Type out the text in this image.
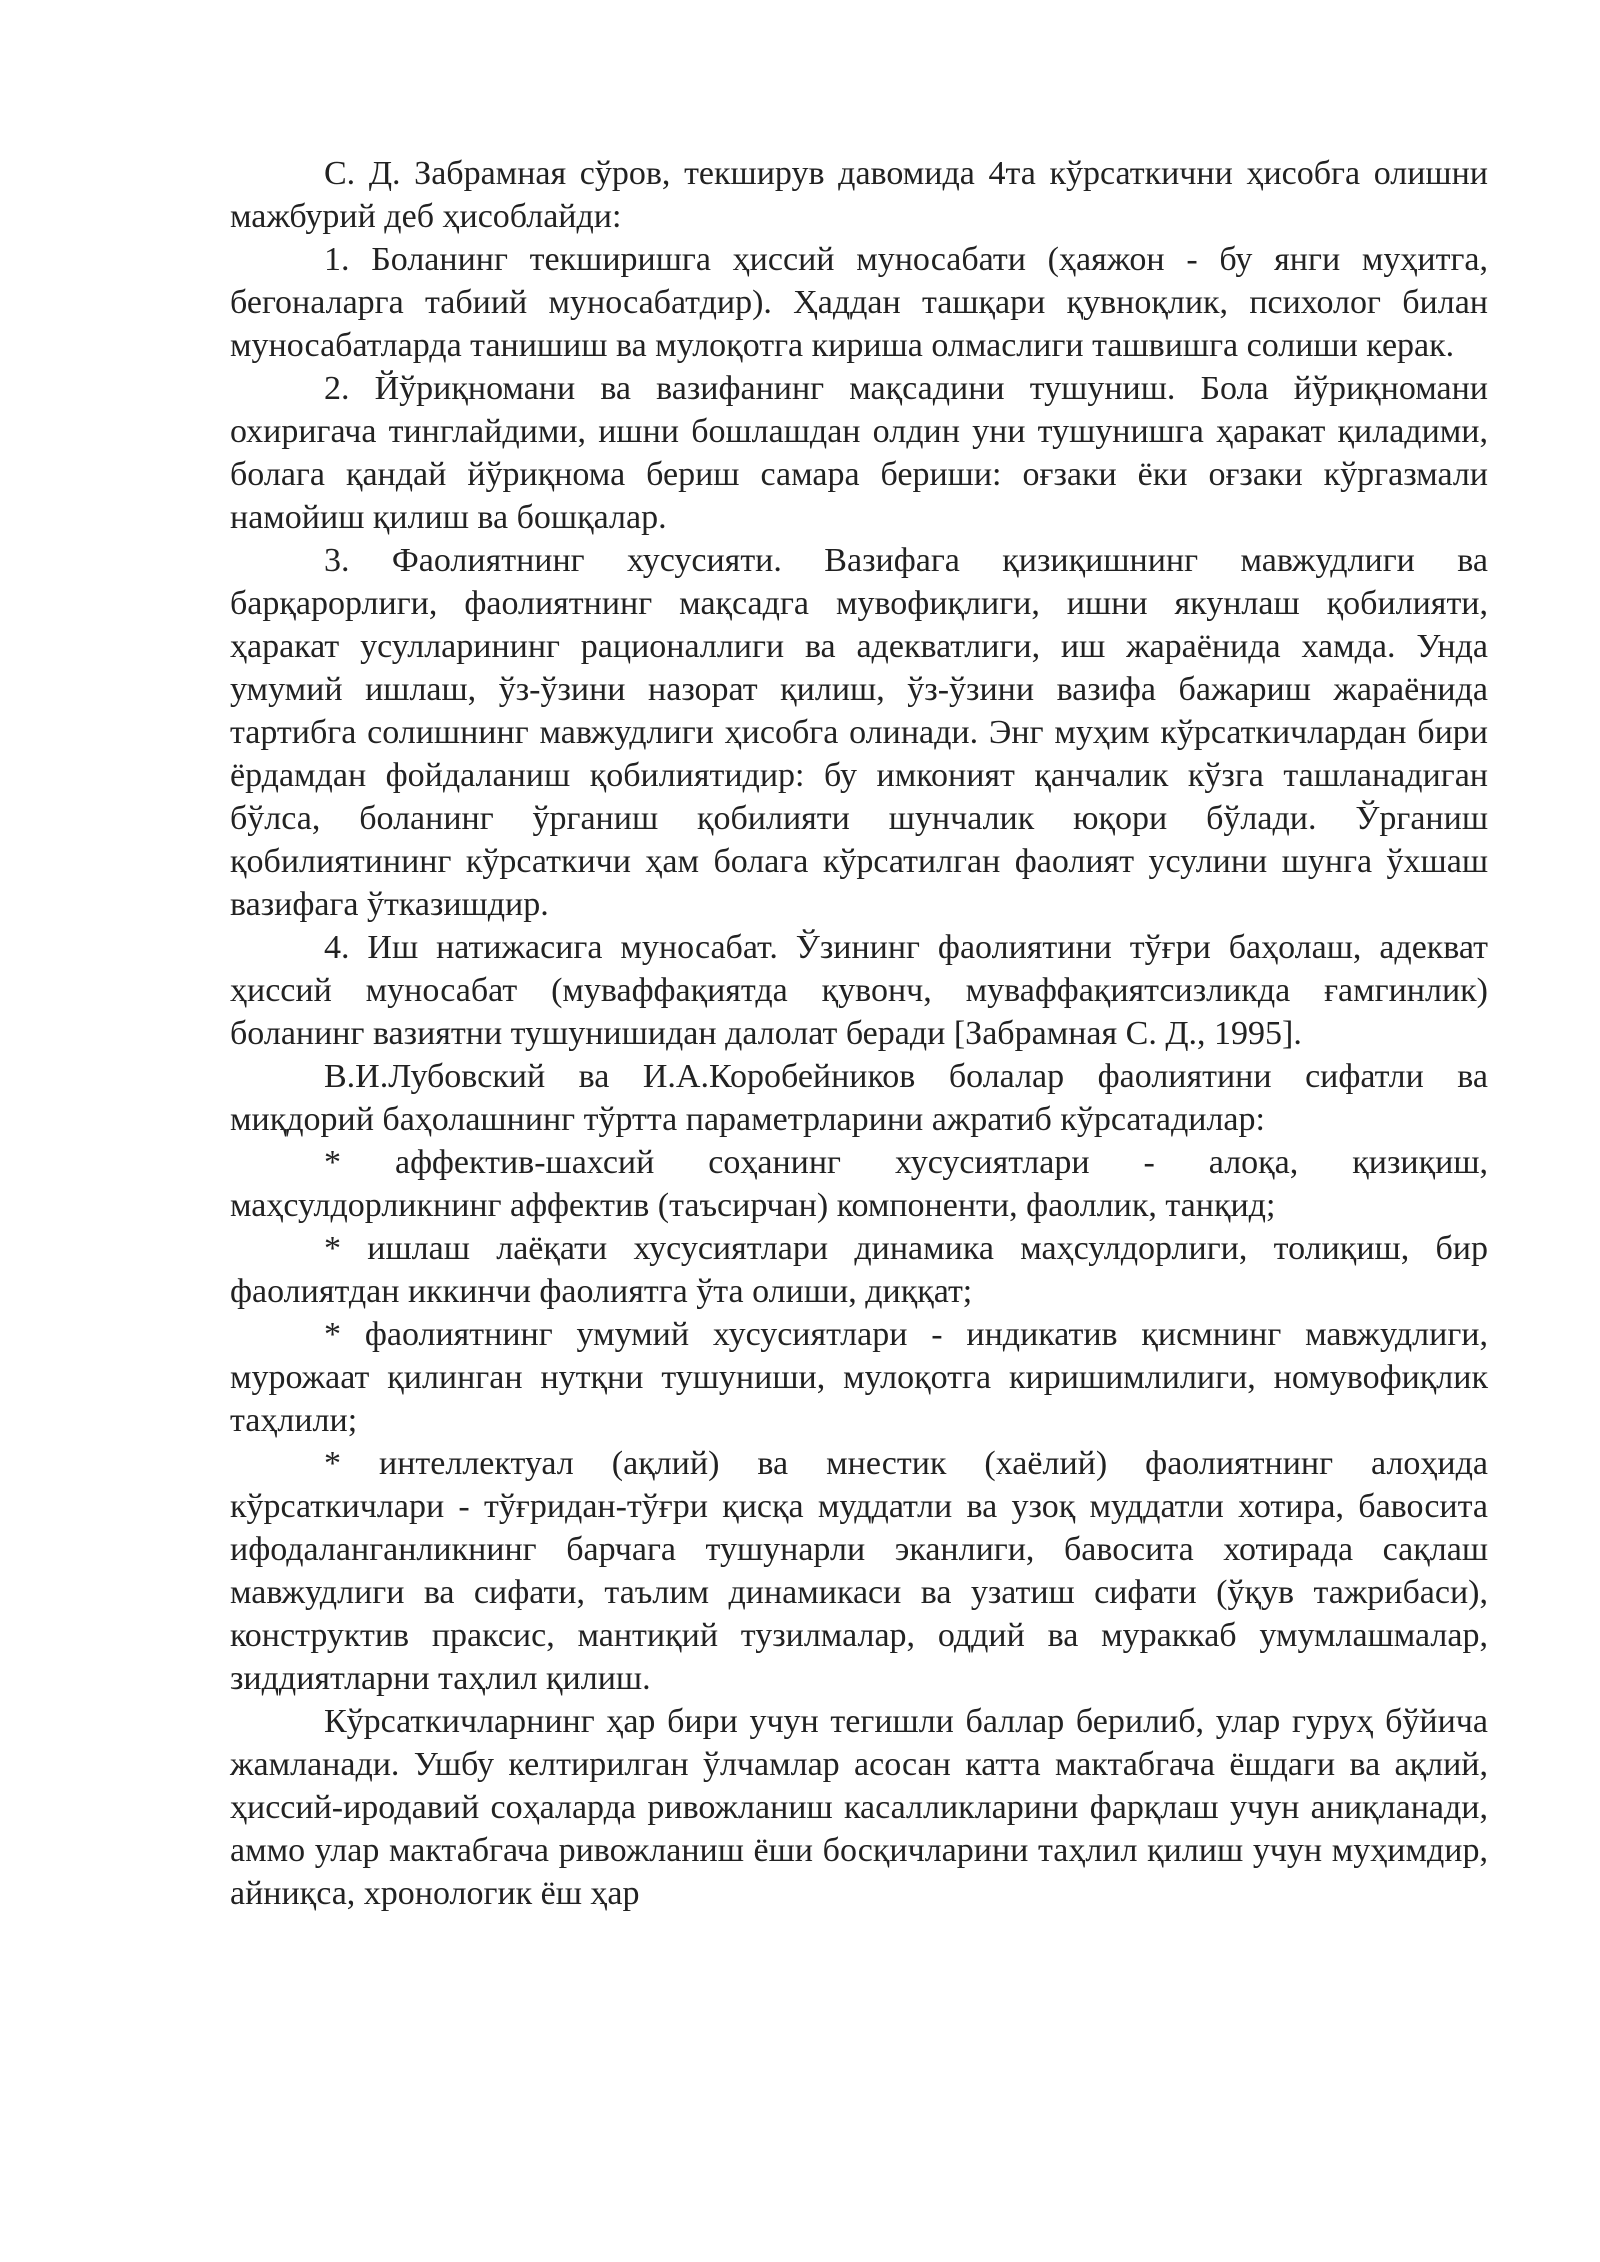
С. Д. Забрамная сўров, текширув давомида 4та кўрсаткични ҳисобга олишни мажбурий деб ҳисоблайди:

1. Боланинг текширишга ҳиссий муносабати (ҳаяжон - бу янги муҳитга, бегоналарга табиий муносабатдир). Ҳаддан ташқари қувноқлик, психолог билан муносабатларда танишиш ва мулоқотга кириша олмаслиги ташвишга солиши керак.

2. Йўриқномани ва вазифанинг мақсадини тушуниш. Бола йўриқномани охиригача тинглайдими, ишни бошлашдан олдин уни тушунишга ҳаракат қиладими, болага қандай йўриқнома бериш самара бериши: оғзаки ёки оғзаки кўргазмали намойиш қилиш ва бошқалар.

3. Фаолиятнинг хусусияти. Вазифага қизиқишнинг мавжудлиги ва барқарорлиги, фаолиятнинг мақсадга мувофиқлиги, ишни якунлаш қобилияти, ҳаракат усулларининг рационаллиги ва адекватлиги, иш жараёнида хамда. Унда умумий ишлаш, ўз-ўзини назорат қилиш, ўз-ўзини вазифа бажариш жараёнида тартибга солишнинг мавжудлиги ҳисобга олинади. Энг муҳим кўрсаткичлардан бири ёрдамдан фойдаланиш қобилиятидир: бу имконият қанчалик кўзга ташланадиган бўлса, боланинг ўрганиш қобилияти шунчалик юқори бўлади. Ўрганиш қобилиятининг кўрсаткичи ҳам болага кўрсатилган фаолият усулини шунга ўхшаш вазифага ўтказишдир.

4. Иш натижасига муносабат. Ўзининг фаолиятини тўғри баҳолаш, адекват ҳиссий муносабат (муваффақиятда қувонч, муваффақиятсизликда ғамгинлик) боланинг вазиятни тушунишидан далолат беради [Забрамная С. Д., 1995].

В.И.Лубовский ва И.А.Коробейников болалар фаолиятини сифатли ва миқдорий баҳолашнинг тўртта параметрларини ажратиб кўрсатадилар:

* аффектив-шахсий соҳанинг хусусиятлари - алоқа, қизиқиш, маҳсулдорликнинг аффектив (таъсирчан) компоненти, фаоллик, танқид;

* ишлаш лаёқати хусусиятлари динамика маҳсулдорлиги, толиқиш, бир фаолиятдан иккинчи фаолиятга ўта олиши, диққат;

* фаолиятнинг умумий хусусиятлари - индикатив қисмнинг мавжудлиги, мурожаат қилинган нутқни тушуниши, мулоқотга киришимлилиги, номувофиқлик таҳлили;

* интеллектуал (ақлий) ва мнестик (хаёлий) фаолиятнинг алоҳида кўрсаткичлари - тўғридан-тўғри қисқа муддатли ва узоқ муддатли хотира, бавосита ифодаланганликнинг барчага тушунарли эканлиги, бавосита хотирада сақлаш мавжудлиги ва сифати, таълим динамикаси ва узатиш сифати (ўқув тажрибаси), конструктив праксис, мантиқий тузилмалар, оддий ва мураккаб умумлашмалар, зиддиятларни таҳлил қилиш.

Кўрсаткичларнинг ҳар бири учун тегишли баллар берилиб, улар гуруҳ бўйича жамланади. Ушбу келтирилган ўлчамлар асосан катта мактабгача ёшдаги ва ақлий, ҳиссий-иродавий соҳаларда ривожланиш касалликларини фарқлаш учун аниқланади, аммо улар мактабгача ривожланиш ёши босқичларини таҳлил қилиш учун муҳимдир, айниқса, хронологик ёш ҳар
